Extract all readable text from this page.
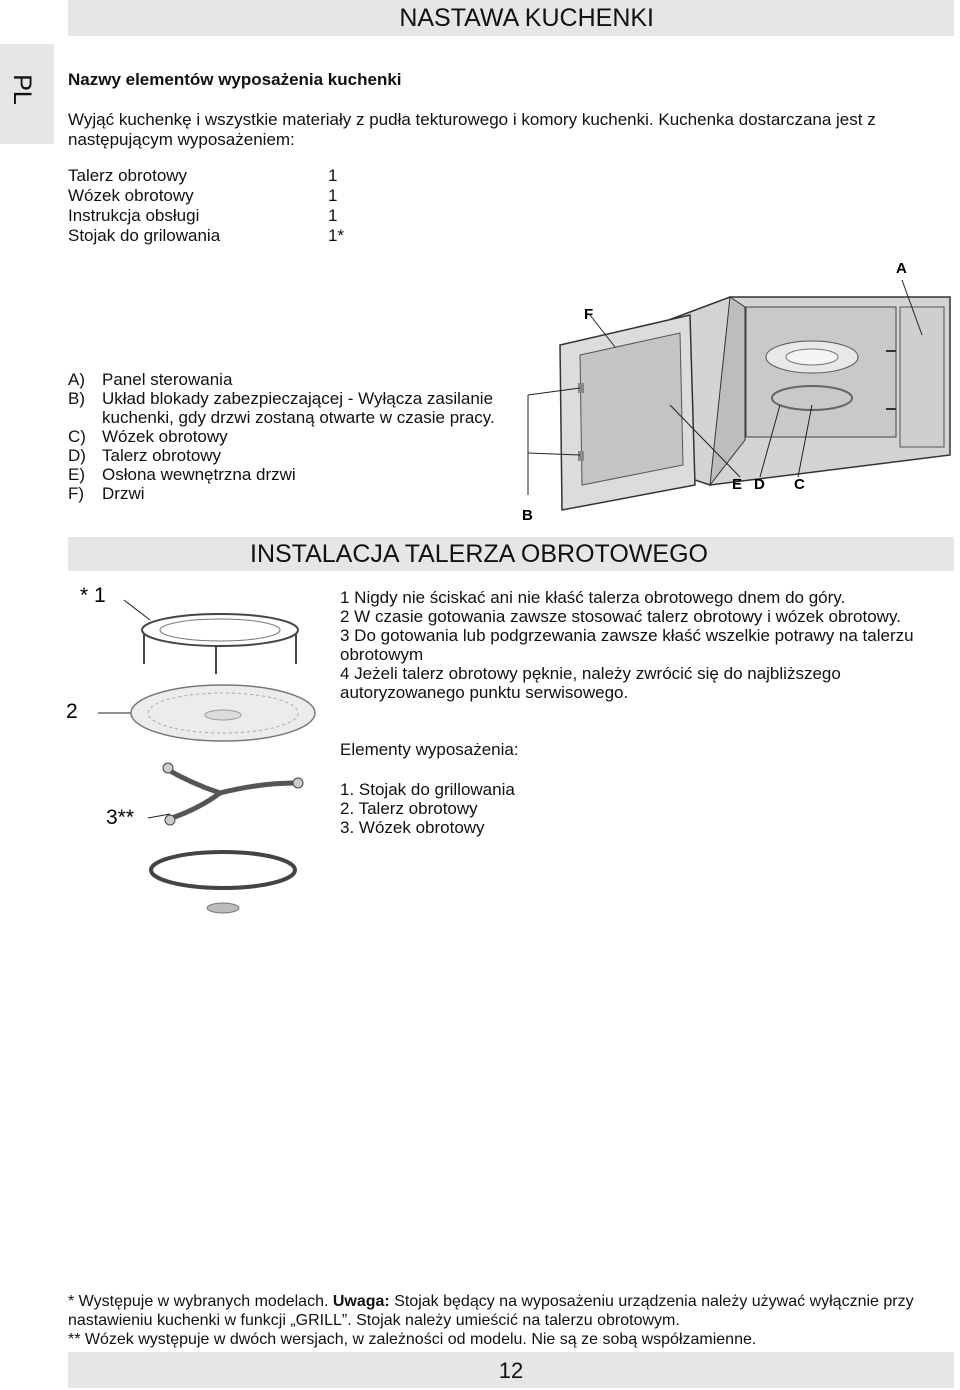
NASTAWA KUCHENKI
PL Nazwy elementów wyposażenia kuchenki
Wyjąć kuchenkę i wszystkie materiały z pudła tekturowego i komory kuchenki. Kuchenka dostarczana jest z następującym wyposażeniem:
Talerz obrotowy	1
Wózek obrotowy	1
Instrukcja obsługi	1
Stojak do grilowania	1*
A)	Panel sterowania
B)	Układ blokady zabezpieczającej - Wyłącza zasilanie kuchenki, gdy drzwi zostaną otwarte w czasie pracy.
C) Wózek obrotowy
D) Talerz obrotowy
E)	Osłona wewnętrzna drzwi
F)	Drzwi
A
F
B
E D C
INSTALACJA TALERZA OBROTOWEGO
* 1
2
3**
1 Nigdy nie ściskać ani nie kłaść talerza obrotowego dnem do góry.
2 W czasie gotowania zawsze stosować talerz obrotowy i wózek obrotowy.
3 Do gotowania lub podgrzewania zawsze kłaść wszelkie potrawy na talerzu obrotowym
4 Jeżeli talerz obrotowy pęknie, należy zwrócić się do najbliższego autoryzowanego punktu serwisowego.
Elementy wyposażenia:
1. Stojak do grillowania
2. Talerz obrotowy
3. Wózek obrotowy
* Występuje w wybranych modelach. Uwaga: Stojak będący na wyposażeniu urządzenia należy używać wyłącznie przy nastawieniu kuchenki w funkcji „GRILL”. Stojak należy umieścić na talerzu obrotowym.
** Wózek występuje w dwóch wersjach, w zależności od modelu. Nie są ze sobą współzamienne.
12
